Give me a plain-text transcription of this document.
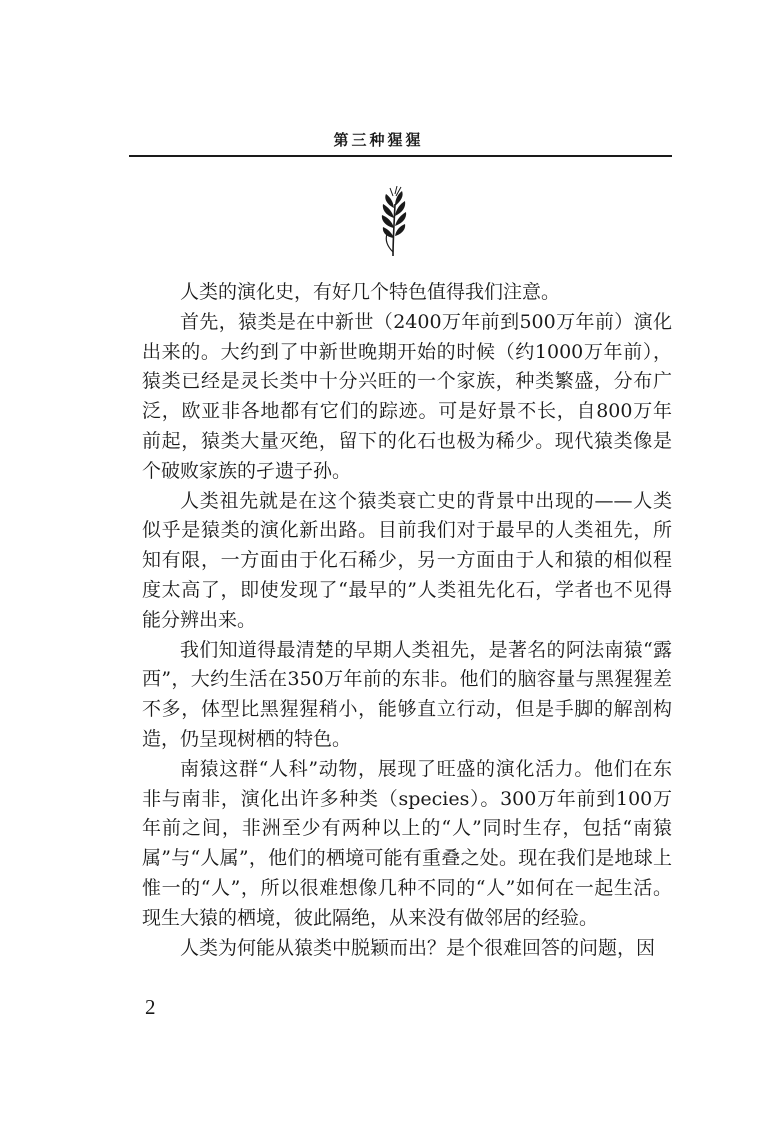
第三种猩猩

人类的演化史，有好几个特色值得我们注意。

首先，猿类是在中新世（2400万年前到500万年前）演化出来的。大约到了中新世晚期开始的时候（约1000万年前），猿类已经是灵长类中十分兴旺的一个家族，种类繁盛，分布广泛，欧亚非各地都有它们的踪迹。可是好景不长，自800万年前起，猿类大量灭绝，留下的化石也极为稀少。现代猿类像是个破败家族的孑遗子孙。

人类祖先就是在这个猿类衰亡史的背景中出现的——人类似乎是猿类的演化新出路。目前我们对于最早的人类祖先，所知有限，一方面由于化石稀少，另一方面由于人和猿的相似程度太高了，即使发现了“最早的”人类祖先化石，学者也不见得能分辨出来。

我们知道得最清楚的早期人类祖先，是著名的阿法南猿“露西”，大约生活在350万年前的东非。他们的脑容量与黑猩猩差不多，体型比黑猩猩稍小，能够直立行动，但是手脚的解剖构造，仍呈现树栖的特色。

南猿这群“人科”动物，展现了旺盛的演化活力。他们在东非与南非，演化出许多种类（species）。300万年前到100万年前之间，非洲至少有两种以上的“人”同时生存，包括“南猿属”与“人属”，他们的栖境可能有重叠之处。现在我们是地球上惟一的“人”，所以很难想像几种不同的“人”如何在一起生活。现生大猿的栖境，彼此隔绝，从来没有做邻居的经验。

人类为何能从猿类中脱颖而出？是个很难回答的问题，因

2
